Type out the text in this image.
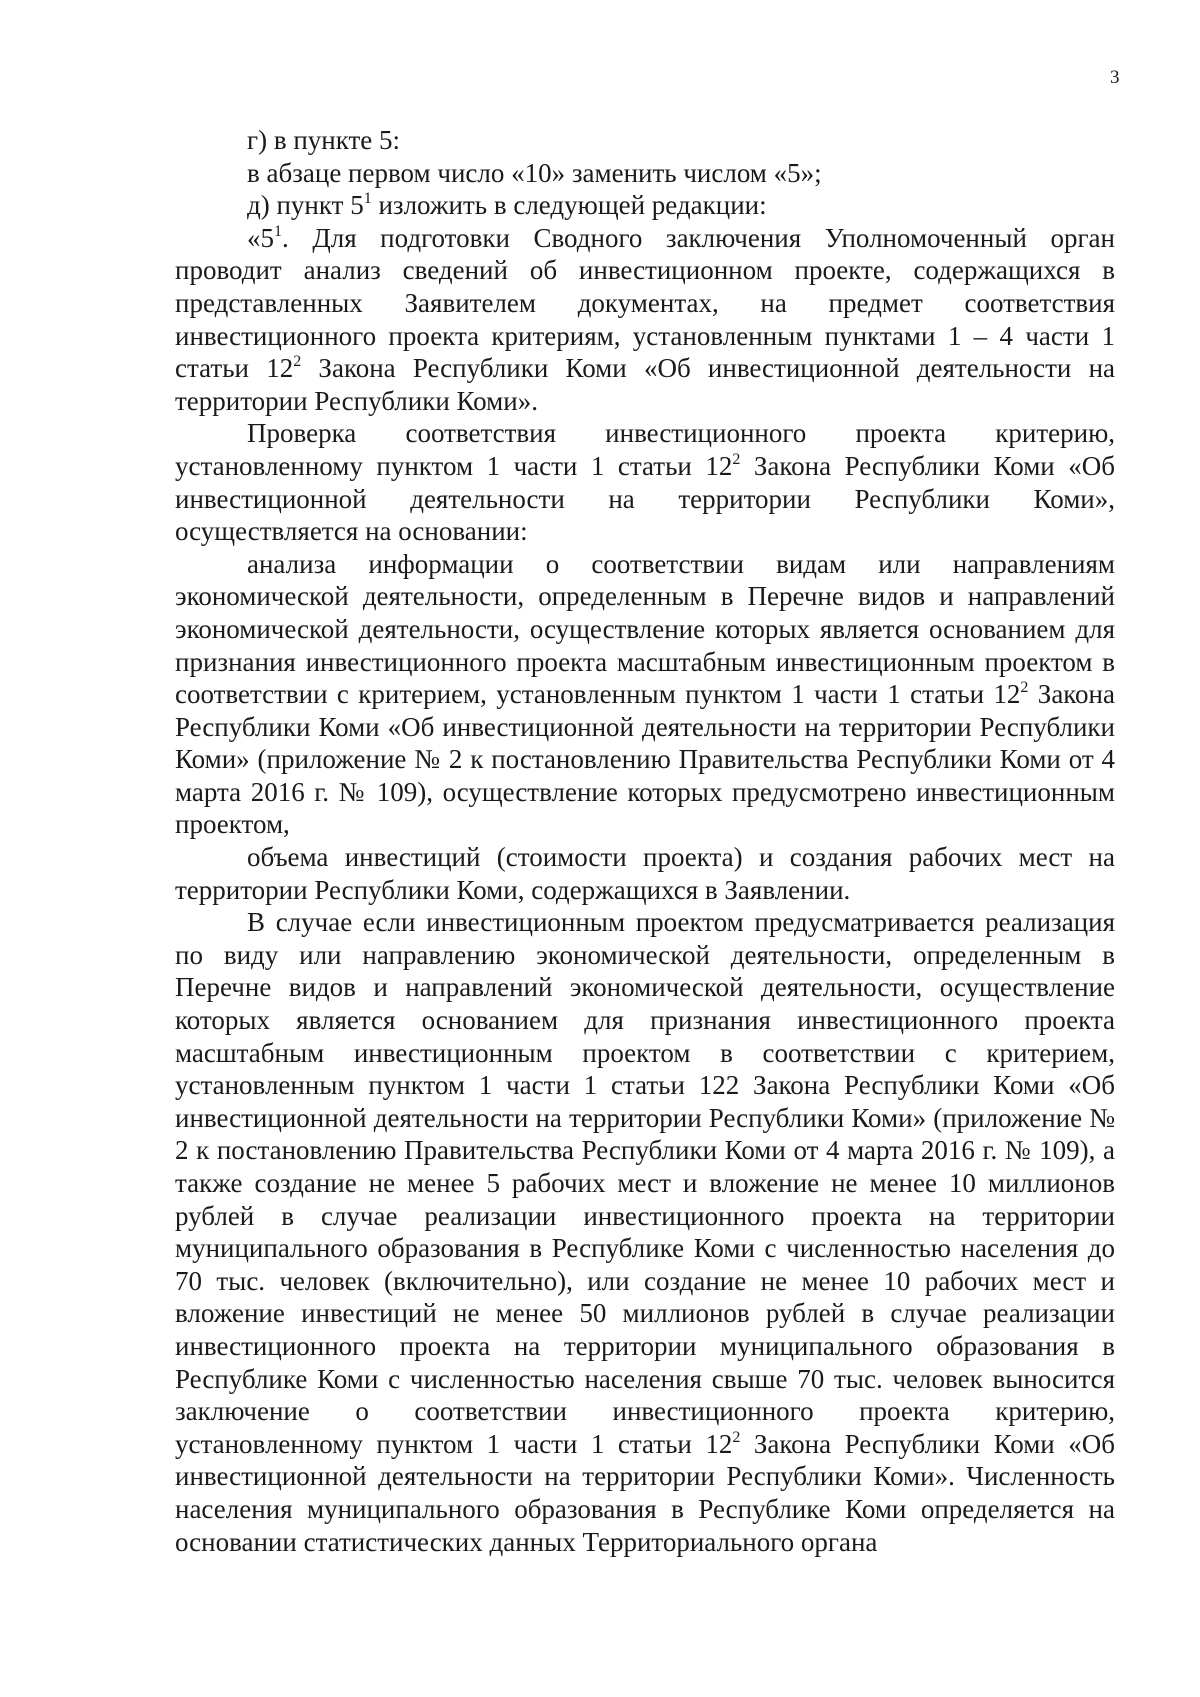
3

г) в пункте 5:

в абзаце первом число «10» заменить числом «5»;

д) пункт $5^1$ изложить в следующей редакции:

«$5^1$. Для подготовки Сводного заключения Уполномоченный орган проводит анализ сведений об инвестиционном проекте, содержащихся в представленных Заявителем документах, на предмет соответствия инвестиционного проекта критериям, установленным пунктами 1 – 4 части 1 статьи $12^2$ Закона Республики Коми «Об инвестиционной деятельности на территории Республики Коми».

Проверка соответствия инвестиционного проекта критерию, установленному пунктом 1 части 1 статьи $12^2$ Закона Республики Коми «Об инвестиционной деятельности на территории Республики Коми», осуществляется на основании:

анализа информации о соответствии видам или направлениям экономической деятельности, определенным в Перечне видов и направлений экономической деятельности, осуществление которых является основанием для признания инвестиционного проекта масштабным инвестиционным проектом в соответствии с критерием, установленным пунктом 1 части 1 статьи $12^2$ Закона Республики Коми «Об инвестиционной деятельности на территории Республики Коми» (приложение № 2 к постановлению Правительства Республики Коми от 4 марта 2016 г. № 109), осуществление которых предусмотрено инвестиционным проектом,

объема инвестиций (стоимости проекта) и создания рабочих мест на территории Республики Коми, содержащихся в Заявлении.

В случае если инвестиционным проектом предусматривается реализация по виду или направлению экономической деятельности, определенным в Перечне видов и направлений экономической деятельности, осуществление которых является основанием для признания инвестиционного проекта масштабным инвестиционным проектом в соответствии с критерием, установленным пунктом 1 части 1 статьи 122 Закона Республики Коми «Об инвестиционной деятельности на территории Республики Коми» (приложение № 2 к постановлению Правительства Республики Коми от 4 марта 2016 г. № 109), а также создание не менее 5 рабочих мест и вложение не менее 10 миллионов рублей в случае реализации инвестиционного проекта на территории муниципального образования в Республике Коми с численностью населения до 70 тыс. человек (включительно), или создание не менее 10 рабочих мест и вложение инвестиций не менее 50 миллионов рублей в случае реализации инвестиционного проекта на территории муниципального образования в Республике Коми с численностью населения свыше 70 тыс. человек выносится заключение о соответствии инвестиционного проекта критерию, установленному пунктом 1 части 1 статьи $12^2$ Закона Республики Коми «Об инвестиционной деятельности на территории Республики Коми». Численность населения муниципального образования в Республике Коми определяется на основании статистических данных Территориального органа
